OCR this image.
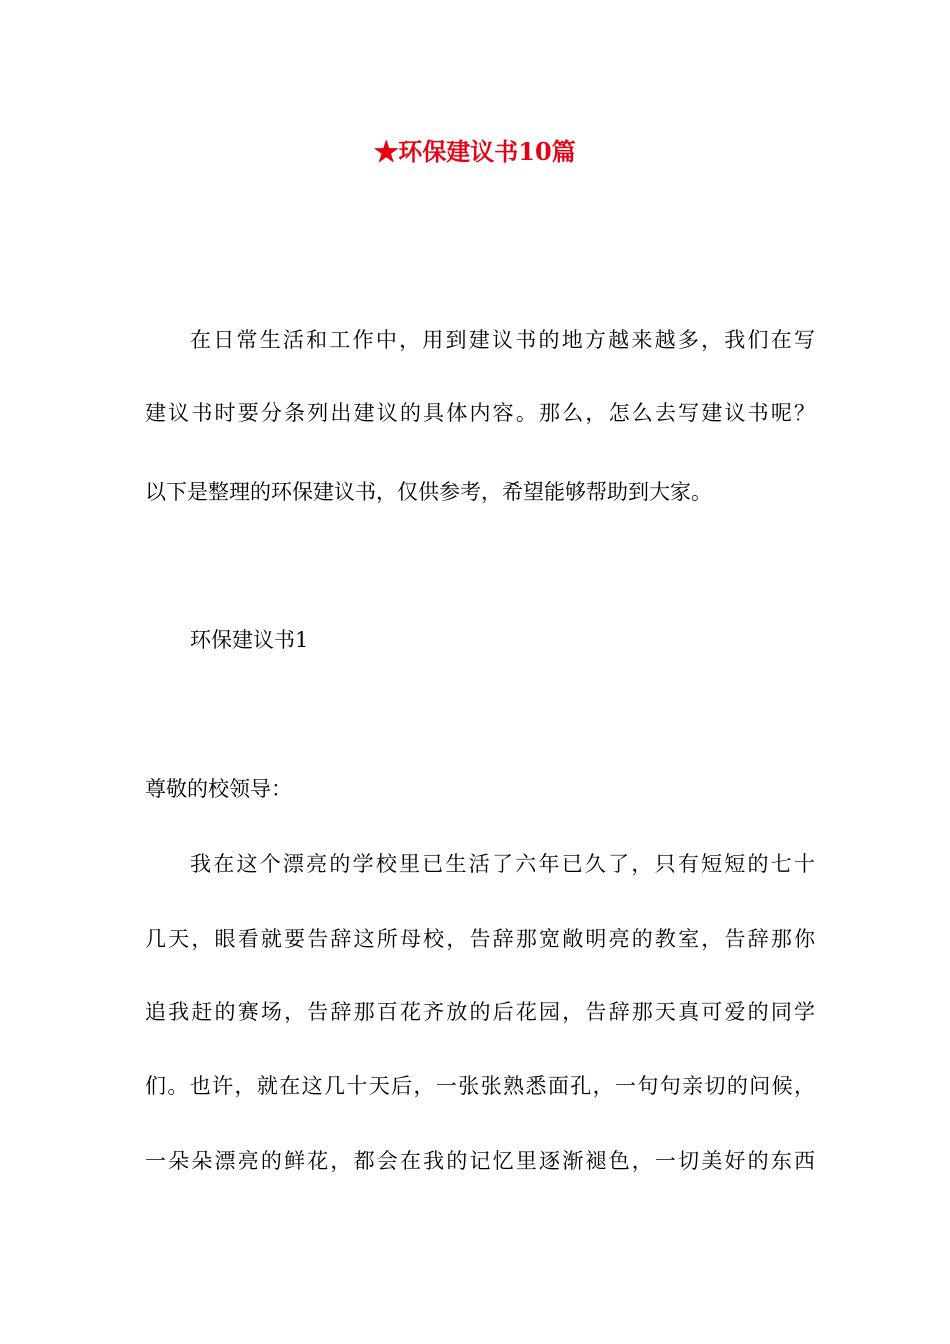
★环保建议书10篇
在日常生活和工作中，用到建议书的地方越来越多，我们在写
建议书时要分条列出建议的具体内容。那么，怎么去写建议书呢？
以下是整理的环保建议书，仅供参考，希望能够帮助到大家。
环保建议书1
尊敬的校领导：
我在这个漂亮的学校里已生活了六年已久了，只有短短的七十
几天，眼看就要告辞这所母校，告辞那宽敞明亮的教室，告辞那你
追我赶的赛场，告辞那百花齐放的后花园，告辞那天真可爱的同学
们。也许，就在这几十天后，一张张熟悉面孔，一句句亲切的问候，
一朵朵漂亮的鲜花，都会在我的记忆里逐渐褪色，一切美好的东西
